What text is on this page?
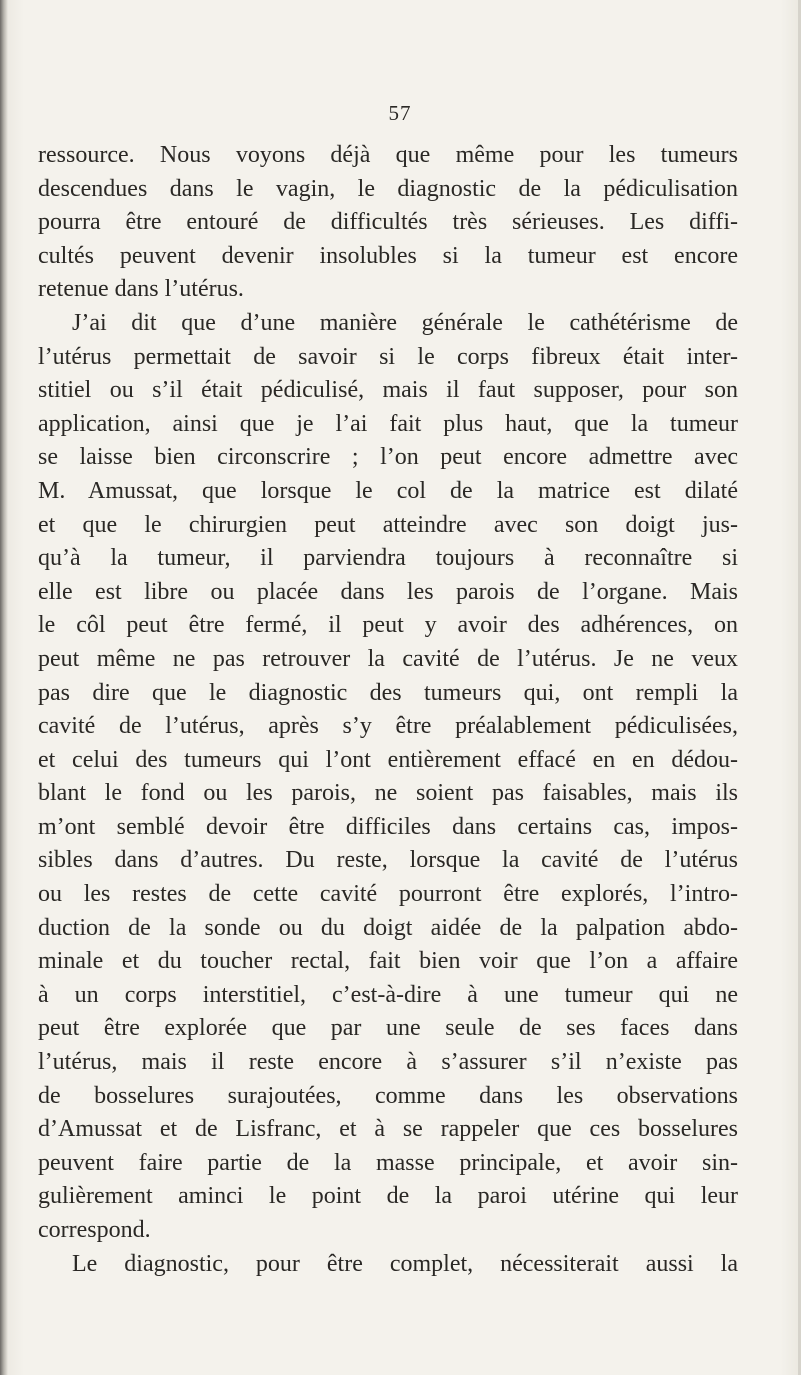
57
ressource. Nous voyons déjà que même pour les tumeurs
descendues dans le vagin, le diagnostic de la pédiculisation
pourra être entouré de difficultés très sérieuses. Les diffi-
cultés peuvent devenir insolubles si la tumeur est encore
retenue dans l’utérus.
J’ai dit que d’une manière générale le cathétérisme de
l’utérus permettait de savoir si le corps fibreux était inter-
stitiel ou s’il était pédiculisé, mais il faut supposer, pour son
application, ainsi que je l’ai fait plus haut, que la tumeur
se laisse bien circonscrire ; l’on peut encore admettre avec
M. Amussat, que lorsque le col de la matrice est dilaté
et que le chirurgien peut atteindre avec son doigt jus-
qu’à la tumeur, il parviendra toujours à reconnaître si
elle est libre ou placée dans les parois de l’organe. Mais
le côl peut être fermé, il peut y avoir des adhérences, on
peut même ne pas retrouver la cavité de l’utérus. Je ne veux
pas dire que le diagnostic des tumeurs qui, ont rempli la
cavité de l’utérus, après s’y être préalablement pédiculisées,
et celui des tumeurs qui l’ont entièrement effacé en en dédou-
blant le fond ou les parois, ne soient pas faisables, mais ils
m’ont semblé devoir être difficiles dans certains cas, impos-
sibles dans d’autres. Du reste, lorsque la cavité de l’utérus
ou les restes de cette cavité pourront être explorés, l’intro-
duction de la sonde ou du doigt aidée de la palpation abdo-
minale et du toucher rectal, fait bien voir que l’on a affaire
à un corps interstitiel, c’est-à-dire à une tumeur qui ne
peut être explorée que par une seule de ses faces dans
l’utérus, mais il reste encore à s’assurer s’il n’existe pas
de bosselures surajoutées, comme dans les observations
d’Amussat et de Lisfranc, et à se rappeler que ces bosselures
peuvent faire partie de la masse principale, et avoir sin-
gulièrement aminci le point de la paroi utérine qui leur
correspond.
Le diagnostic, pour être complet, nécessiterait aussi la
